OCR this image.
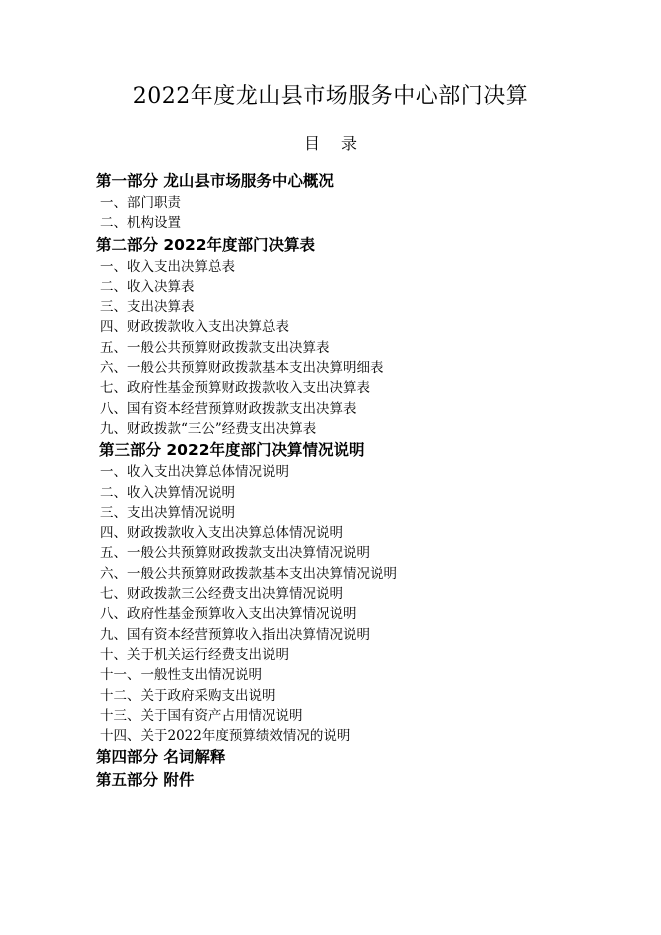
2022年度龙山县市场服务中心部门决算
目 录
第一部分 龙山县市场服务中心概况
一、部门职责
二、机构设置
第二部分 2022年度部门决算表
一、收入支出决算总表
二、收入决算表
三、支出决算表
四、财政拨款收入支出决算总表
五、一般公共预算财政拨款支出决算表
六、一般公共预算财政拨款基本支出决算明细表
七、政府性基金预算财政拨款收入支出决算表
八、国有资本经营预算财政拨款支出决算表
九、财政拨款“三公”经费支出决算表
第三部分 2022年度部门决算情况说明
一、收入支出决算总体情况说明
二、收入决算情况说明
三、支出决算情况说明
四、财政拨款收入支出决算总体情况说明
五、一般公共预算财政拨款支出决算情况说明
六、一般公共预算财政拨款基本支出决算情况说明
七、财政拨款三公经费支出决算情况说明
八、政府性基金预算收入支出决算情况说明
九、国有资本经营预算收入指出决算情况说明
十、关于机关运行经费支出说明
十一、一般性支出情况说明
十二、关于政府采购支出说明
十三、关于国有资产占用情况说明
十四、关于2022年度预算绩效情况的说明
第四部分 名词解释
第五部分 附件
